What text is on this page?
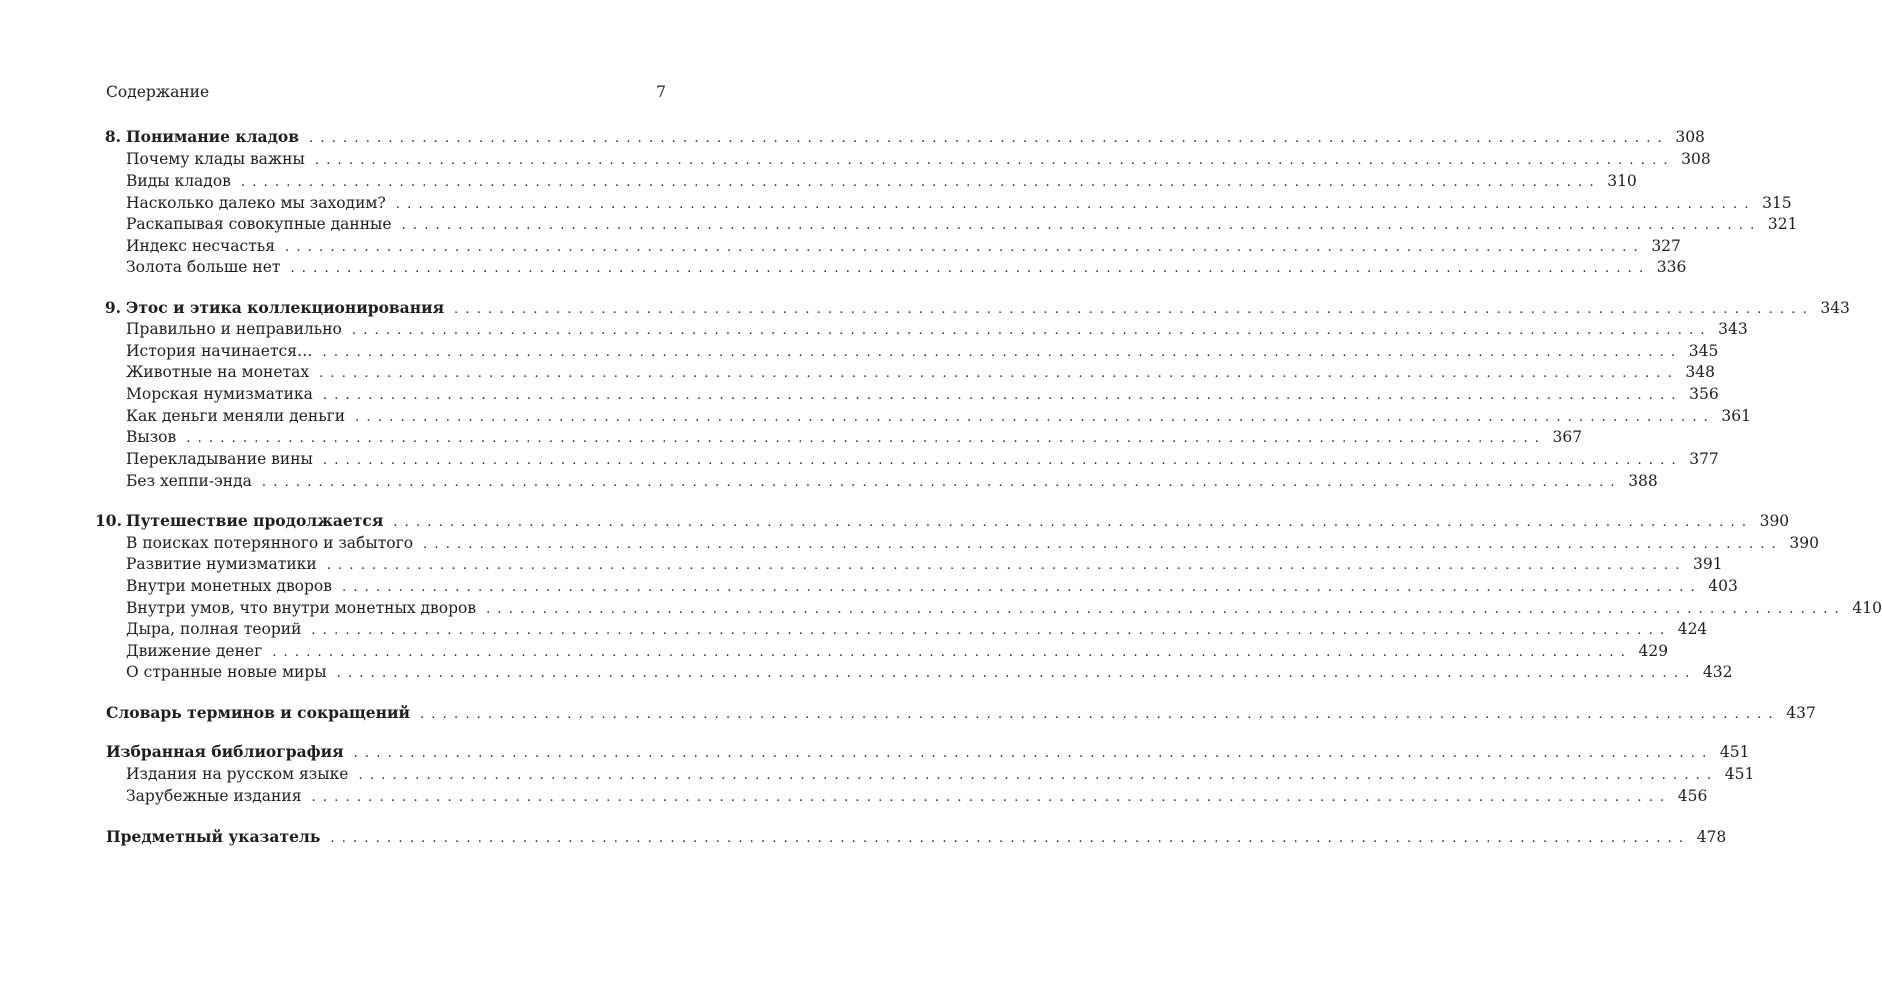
Содержание	7
8. Понимание кладов ........................................................................................................................ 308
Почему клады важны ........................................................................................................................ 308
Виды кладов ........................................................................................................................ 310
Насколько далеко мы заходим? ........................................................................................................................ 315
Раскапывая совокупные данные ........................................................................................................................ 321
Индекс несчастья ........................................................................................................................ 327
Золота больше нет ........................................................................................................................ 336
9. Этос и этика коллекционирования ........................................................................................................................ 343
Правильно и неправильно ........................................................................................................................ 343
История начинается… ........................................................................................................................ 345
Животные на монетах ........................................................................................................................ 348
Морская нумизматика ........................................................................................................................ 356
Как деньги меняли деньги ........................................................................................................................ 361
Вызов ........................................................................................................................ 367
Перекладывание вины ........................................................................................................................ 377
Без хеппи-энда ........................................................................................................................ 388
10. Путешествие продолжается ........................................................................................................................ 390
В поисках потерянного и забытого ........................................................................................................................ 390
Развитие нумизматики ........................................................................................................................ 391
Внутри монетных дворов ........................................................................................................................ 403
Внутри умов, что внутри монетных дворов ........................................................................................................................ 410
Дыра, полная теорий ........................................................................................................................ 424
Движение денег ........................................................................................................................ 429
О странные новые миры ........................................................................................................................ 432
Словарь терминов и сокращений ........................................................................................................................ 437
Избранная библиография ........................................................................................................................ 451
Издания на русском языке ........................................................................................................................ 451
Зарубежные издания ........................................................................................................................ 456
Предметный указатель ........................................................................................................................ 478
